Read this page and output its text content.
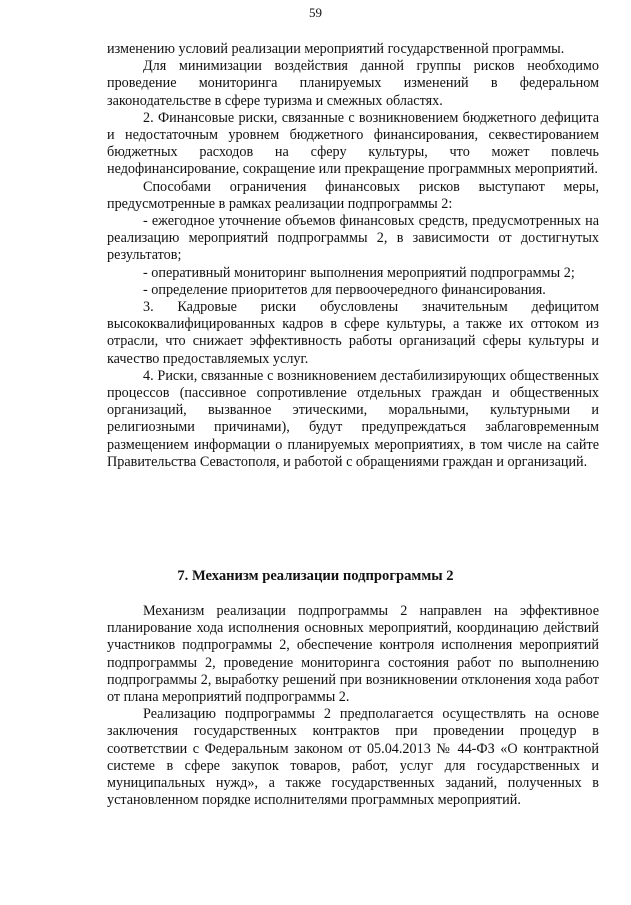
59

изменению условий реализации мероприятий государственной программы.

Для минимизации воздействия данной группы рисков необходимо проведение мониторинга планируемых изменений в федеральном законодательстве в сфере туризма и смежных областях.

2. Финансовые риски, связанные с возникновением бюджетного дефицита и недостаточным уровнем бюджетного финансирования, секвестированием бюджетных расходов на сферу культуры, что может повлечь недофинансирование, сокращение или прекращение программных мероприятий.

Способами ограничения финансовых рисков выступают меры, предусмотренные в рамках реализации подпрограммы 2:

- ежегодное уточнение объемов финансовых средств, предусмотренных на реализацию мероприятий подпрограммы 2, в зависимости от достигнутых результатов;

- оперативный мониторинг выполнения мероприятий подпрограммы 2;

- определение приоритетов для первоочередного финансирования.

3. Кадровые риски обусловлены значительным дефицитом высококвалифицированных кадров в сфере культуры, а также их оттоком из отрасли, что снижает эффективность работы организаций сферы культуры и качество предоставляемых услуг.

4. Риски, связанные с возникновением дестабилизирующих общественных процессов (пассивное сопротивление отдельных граждан и общественных организаций, вызванное этическими, моральными, культурными и религиозными причинами), будут предупреждаться заблаговременным размещением информации о планируемых мероприятиях, в том числе на сайте Правительства Севастополя, и работой с обращениями граждан и организаций.

7. Механизм реализации подпрограммы 2

Механизм реализации подпрограммы 2 направлен на эффективное планирование хода исполнения основных мероприятий, координацию действий участников подпрограммы 2, обеспечение контроля исполнения мероприятий подпрограммы 2, проведение мониторинга состояния работ по выполнению подпрограммы 2, выработку решений при возникновении отклонения хода работ от плана мероприятий подпрограммы 2.

Реализацию подпрограммы 2 предполагается осуществлять на основе заключения государственных контрактов при проведении процедур в соответствии с Федеральным законом от 05.04.2013 № 44-ФЗ «О контрактной системе в сфере закупок товаров, работ, услуг для государственных и муниципальных нужд», а также государственных заданий, полученных в установленном порядке исполнителями программных мероприятий.
